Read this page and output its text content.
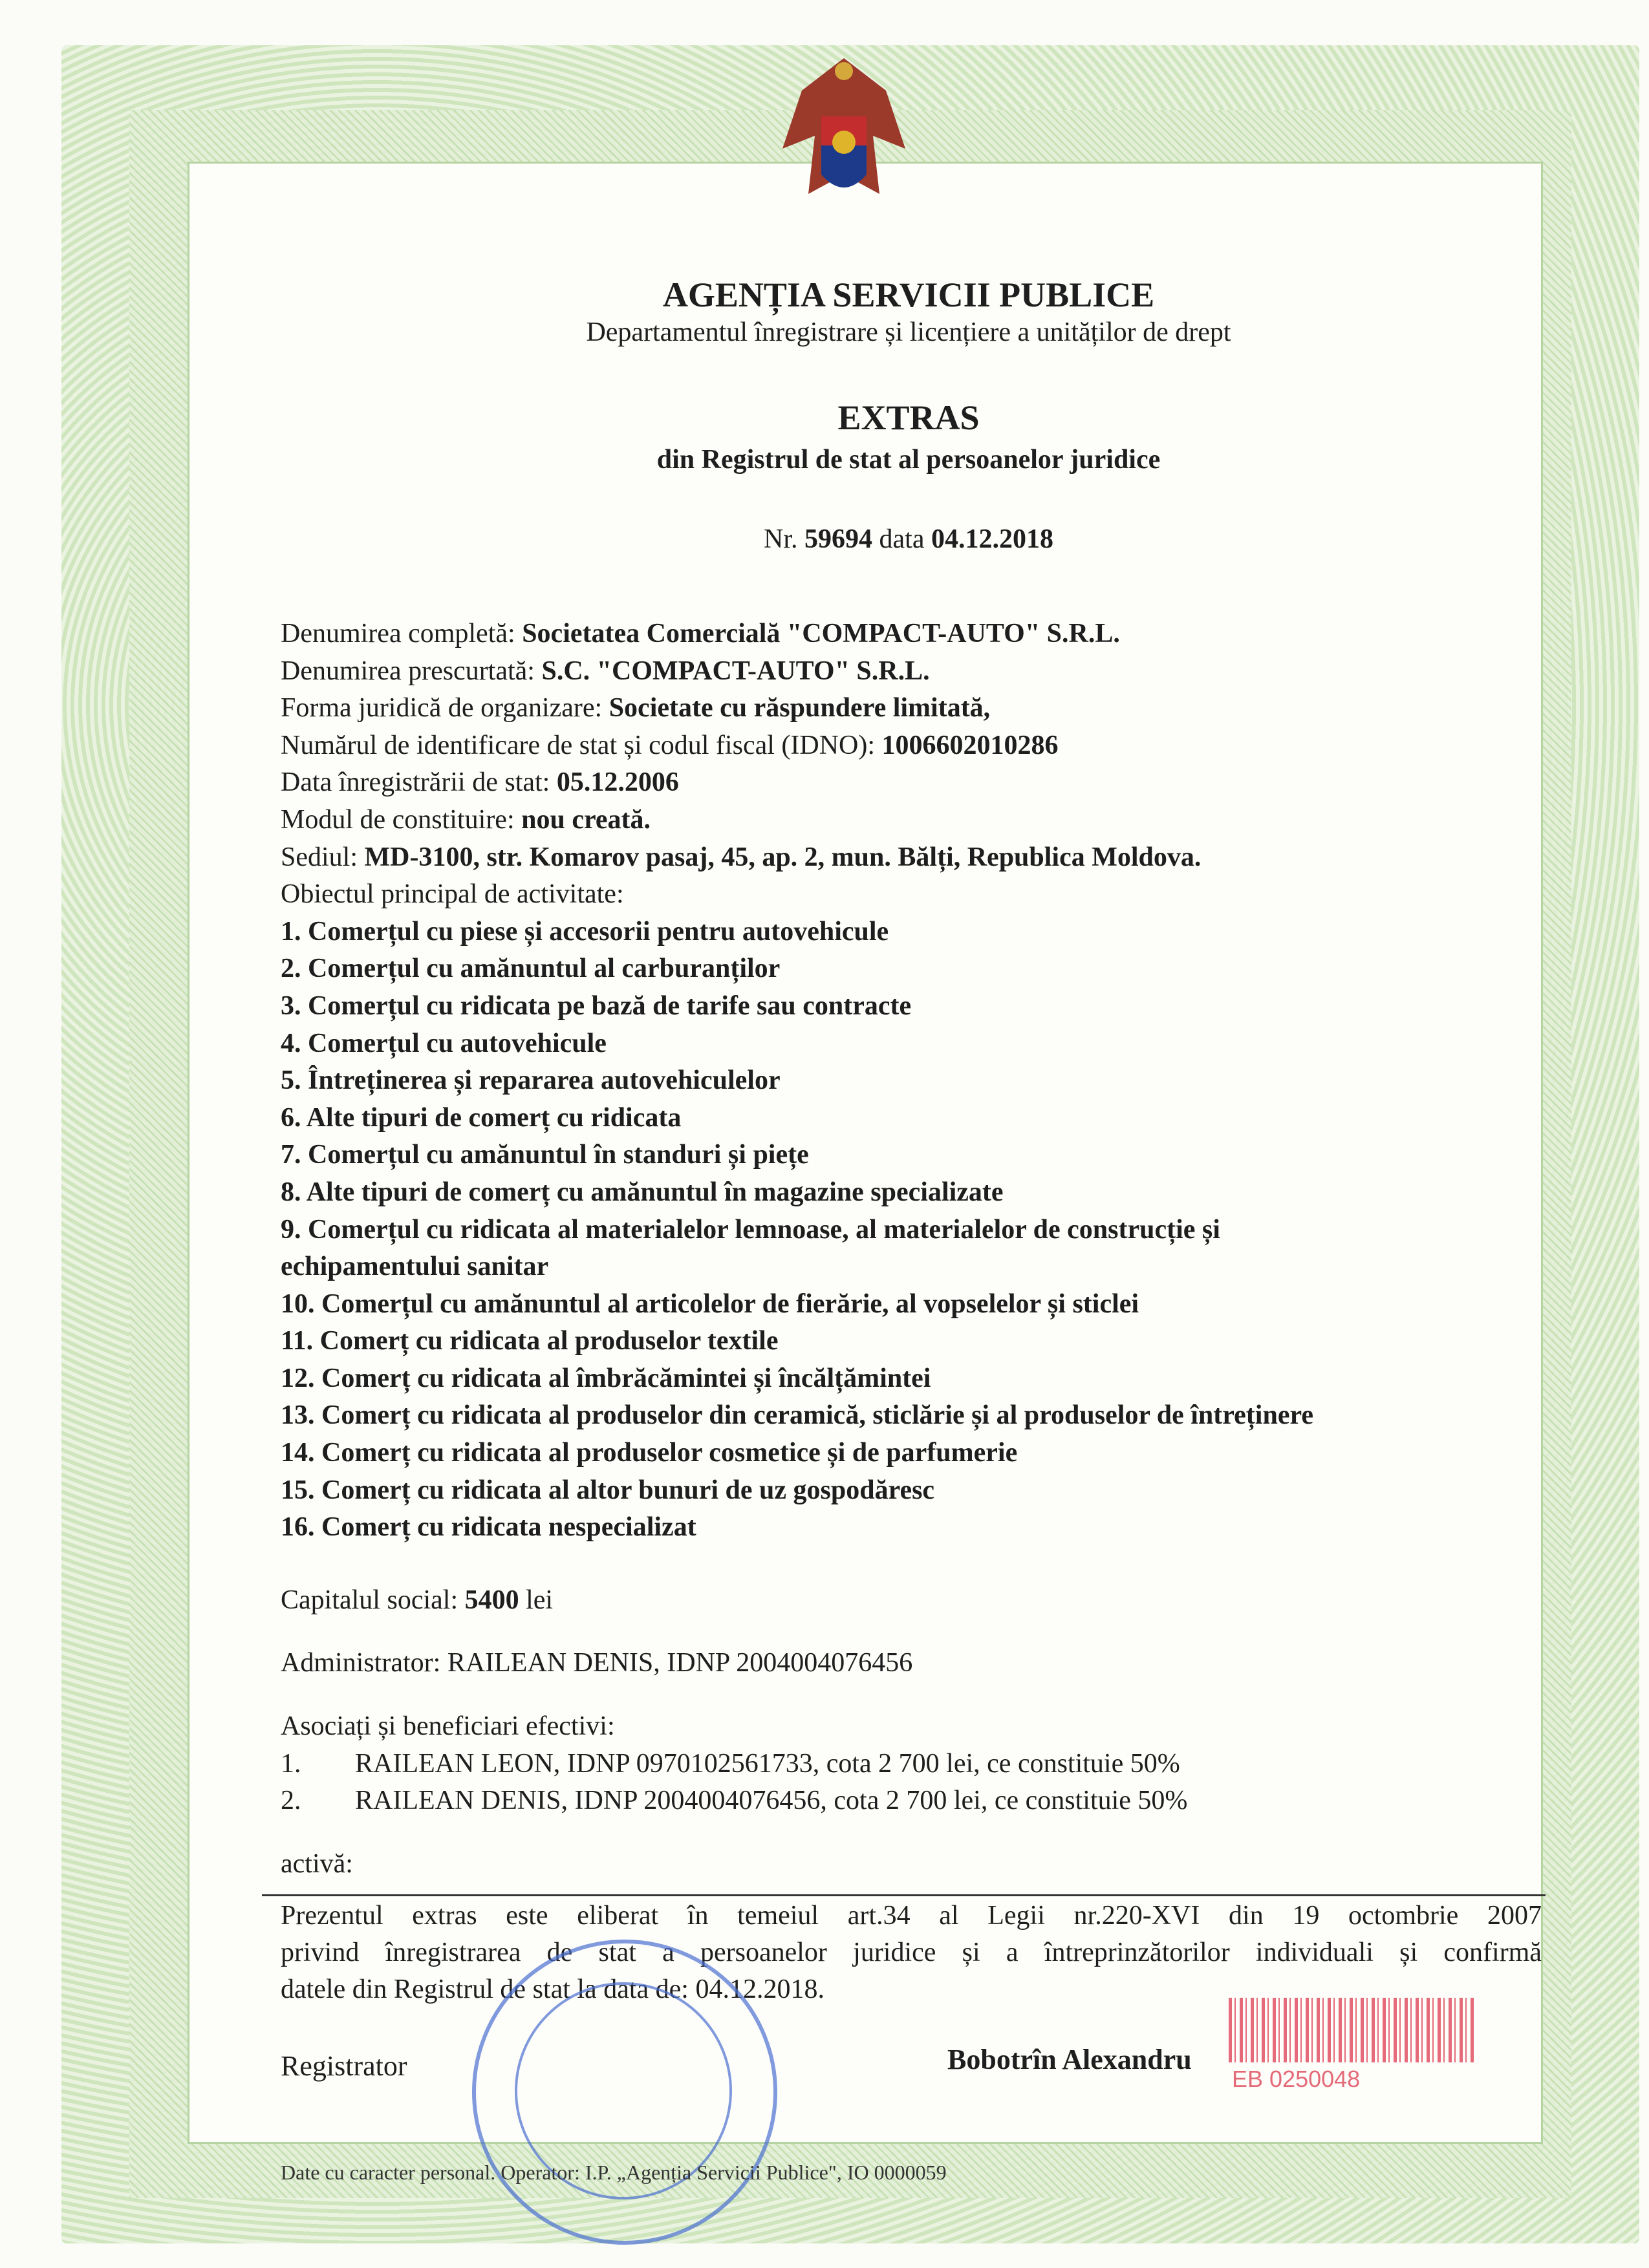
AGENȚIA SERVICII PUBLICE
Departamentul înregistrare și licențiere a unităților de drept
EXTRAS
din Registrul de stat al persoanelor juridice
Nr. 59694 data 04.12.2018
Denumirea completă: Societatea Comercială "COMPACT-AUTO" S.R.L.
Denumirea prescurtată: S.C. "COMPACT-AUTO" S.R.L.
Forma juridică de organizare: Societate cu răspundere limitată,
Numărul de identificare de stat și codul fiscal (IDNO): 1006602010286
Data înregistrării de stat: 05.12.2006
Modul de constituire: nou creată.
Sediul: MD-3100, str. Komarov pasaj, 45, ap. 2, mun. Bălți, Republica Moldova.
Obiectul principal de activitate:
1. Comerțul cu piese și accesorii pentru autovehicule
2. Comerțul cu amănuntul al carburanților
3. Comerțul cu ridicata pe bază de tarife sau contracte
4. Comerțul cu autovehicule
5. Întreținerea și repararea autovehiculelor
6. Alte tipuri de comerț cu ridicata
7. Comerțul cu amănuntul în standuri și piețe
8. Alte tipuri de comerț cu amănuntul în magazine specializate
9. Comerțul cu ridicata al materialelor lemnoase, al materialelor de construcție și
echipamentului sanitar
10. Comerțul cu amănuntul al articolelor de fierărie, al vopselelor și sticlei
11. Comerț cu ridicata al produselor textile
12. Comerț cu ridicata al îmbrăcămintei și încălțămintei
13. Comerț cu ridicata al produselor din ceramică, sticlărie și al produselor de întreținere
14. Comerț cu ridicata al produselor cosmetice și de parfumerie
15. Comerț cu ridicata al altor bunuri de uz gospodăresc
16. Comerț cu ridicata nespecializat
Capitalul social: 5400 lei
Administrator: RAILEAN DENIS, IDNP 2004004076456
Asociați și beneficiari efectivi:
1. RAILEAN LEON, IDNP 0970102561733, cota 2 700 lei, ce constituie 50%
2. RAILEAN DENIS, IDNP 2004004076456, cota 2 700 lei, ce constituie 50%
activă:
Prezentul extras este eliberat în temeiul art.34 al Legii nr.220-XVI din 19 octombrie 2007
privind înregistrarea de stat a persoanelor juridice și a întreprinzătorilor individuali și confirmă
datele din Registrul de stat la data de: 04.12.2018.
Registrator	Bobotrîn Alexandru
EB 0250048
Date cu caracter personal. Operator: I.P. „Agenția Servicii Publice", IO 0000059
